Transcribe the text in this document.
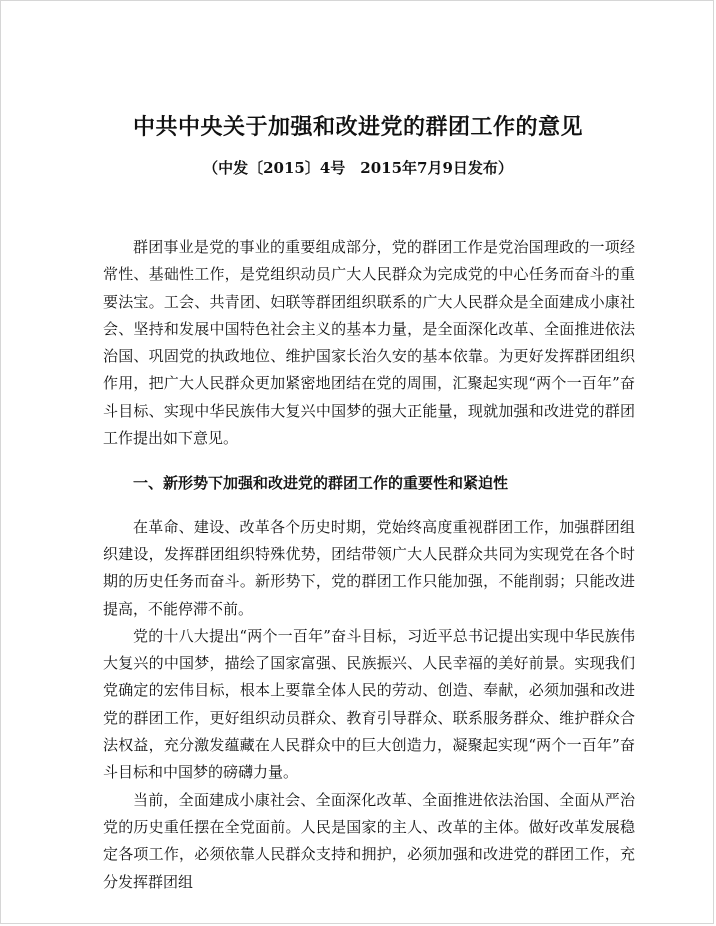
中共中央关于加强和改进党的群团工作的意见

（中发〔2015〕4号　2015年7月9日发布）

群团事业是党的事业的重要组成部分，党的群团工作是党治国理政的一项经常性、基础性工作，是党组织动员广大人民群众为完成党的中心任务而奋斗的重要法宝。工会、共青团、妇联等群团组织联系的广大人民群众是全面建成小康社会、坚持和发展中国特色社会主义的基本力量，是全面深化改革、全面推进依法治国、巩固党的执政地位、维护国家长治久安的基本依靠。为更好发挥群团组织作用，把广大人民群众更加紧密地团结在党的周围，汇聚起实现“两个一百年”奋斗目标、实现中华民族伟大复兴中国梦的强大正能量，现就加强和改进党的群团工作提出如下意见。

一、新形势下加强和改进党的群团工作的重要性和紧迫性

在革命、建设、改革各个历史时期，党始终高度重视群团工作，加强群团组织建设，发挥群团组织特殊优势，团结带领广大人民群众共同为实现党在各个时期的历史任务而奋斗。新形势下，党的群团工作只能加强，不能削弱；只能改进提高，不能停滞不前。

党的十八大提出“两个一百年”奋斗目标，习近平总书记提出实现中华民族伟大复兴的中国梦，描绘了国家富强、民族振兴、人民幸福的美好前景。实现我们党确定的宏伟目标，根本上要靠全体人民的劳动、创造、奉献，必须加强和改进党的群团工作，更好组织动员群众、教育引导群众、联系服务群众、维护群众合法权益，充分激发蕴藏在人民群众中的巨大创造力，凝聚起实现“两个一百年”奋斗目标和中国梦的磅礴力量。

当前，全面建成小康社会、全面深化改革、全面推进依法治国、全面从严治党的历史重任摆在全党面前。人民是国家的主人、改革的主体。做好改革发展稳定各项工作，必须依靠人民群众支持和拥护，必须加强和改进党的群团工作，充分发挥群团组
